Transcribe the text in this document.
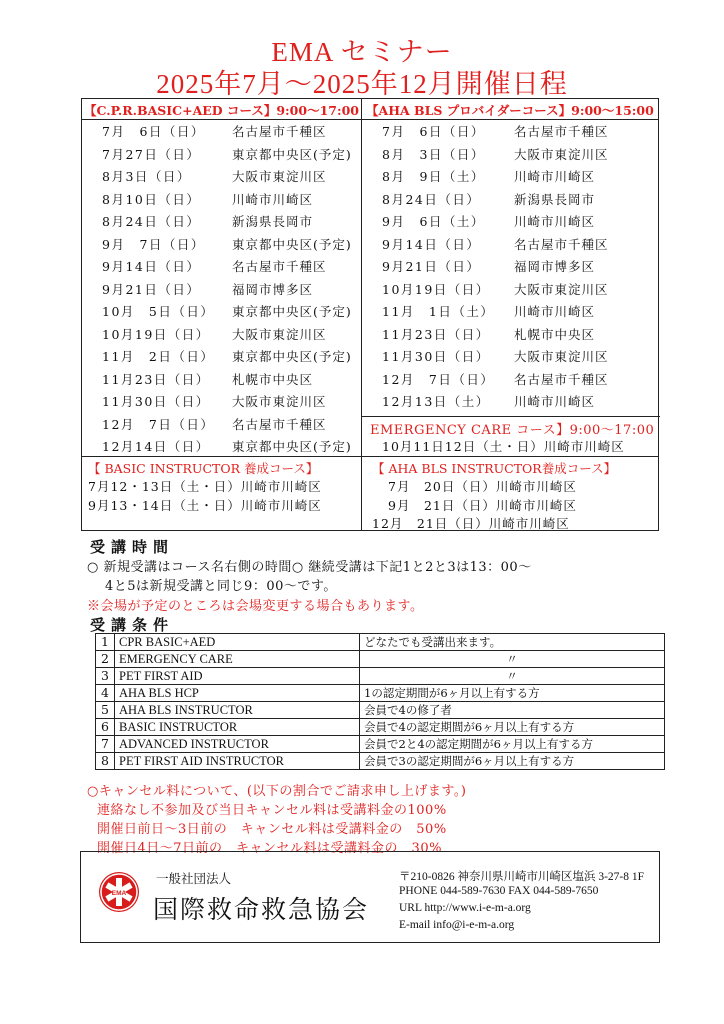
EMA セミナー
2025年7月～2025年12月開催日程
【C.P.R.BASIC+AED コース】9:00～17:00 【AHA BLS プロバイダーコース】9:00～15:00
7月　6日（日） 名古屋市千種区
7月27日（日）	東京都中央区(予定)
8月3日（日）	大阪市東淀川区
8月10日（日）	川崎市川崎区
8月24日（日）	新潟県長岡市
9月　7日（日） 東京都中央区(予定)
9月14日（日）	名古屋市千種区
9月21日（日）	福岡市博多区
10月　5日（日） 東京都中央区(予定)
10月19日（日） 大阪市東淀川区
11月　2日（日） 東京都中央区(予定)
11月23日（日） 札幌市中央区
11月30日（日） 大阪市東淀川区
12月　7日（日） 名古屋市千種区
12月14日（日） 東京都中央区(予定)
7月　6日（日） 名古屋市千種区
8月　3日（日） 大阪市東淀川区
8月　9日（土） 川崎市川崎区
8月24日（日）	新潟県長岡市
9月　6日（土） 川崎市川崎区
9月14日（日）	名古屋市千種区
9月21日（日）	福岡市博多区
10月19日（日） 大阪市東淀川区
11月　1日（土） 川崎市川崎区
11月23日（日） 札幌市中央区
11月30日（日） 大阪市東淀川区
12月　7日（日） 名古屋市千種区
12月13日（土） 川崎市川崎区
EMERGENCY CARE コース】9:00～17:00
10月11日12日（土・日）川崎市川崎区
【 BASIC INSTRUCTOR 養成コース】
7月12・13日（土・日）川崎市川崎区
9月13・14日（土・日）川崎市川崎区
【 AHA BLS INSTRUCTOR養成コース】
7月　20日（日）川崎市川崎区
9月　21日（日）川崎市川崎区
12月　21日（日）川崎市川崎区
受講時間
○ 新規受講はコース名右側の時間○ 継続受講は下記1と2と3は13：00～
4と5は新規受講と同じ9：00～です。
※会場が予定のところは会場変更する場合もあります。
受講条件
1	CPR BASIC+AED	どなたでも受講出来ます。
2	EMERGENCY CARE	〃
3	PET FIRST AID	〃
4	AHA BLS HCP	1の認定期間が6ヶ月以上有する方
5	AHA BLS INSTRUCTOR	会員で4の修了者
6	BASIC INSTRUCTOR	会員で4の認定期間が6ヶ月以上有する方
7	ADVANCED INSTRUCTOR	会員で2と4の認定期間が6ヶ月以上有する方
8	PET FIRST AID INSTRUCTOR	会員で3の認定期間が6ヶ月以上有する方
○キャンセル料について、(以下の割合でご請求申し上げます。)
連絡なし不参加及び当日キャンセル料は受講料金の100%
開催日前日～3日前の　キャンセル料は受講料金の　50%
開催日4日～7日前の　キャンセル料は受講料金の　30%
EMA
一般社団法人
国際救命救急協会
〒210-0826 神奈川県川崎市川崎区塩浜 3-27-8 1F
PHONE 044-589-7630 FAX 044-589-7650
URL http://www.i-e-m-a.org
E-mail info@i-e-m-a.org
